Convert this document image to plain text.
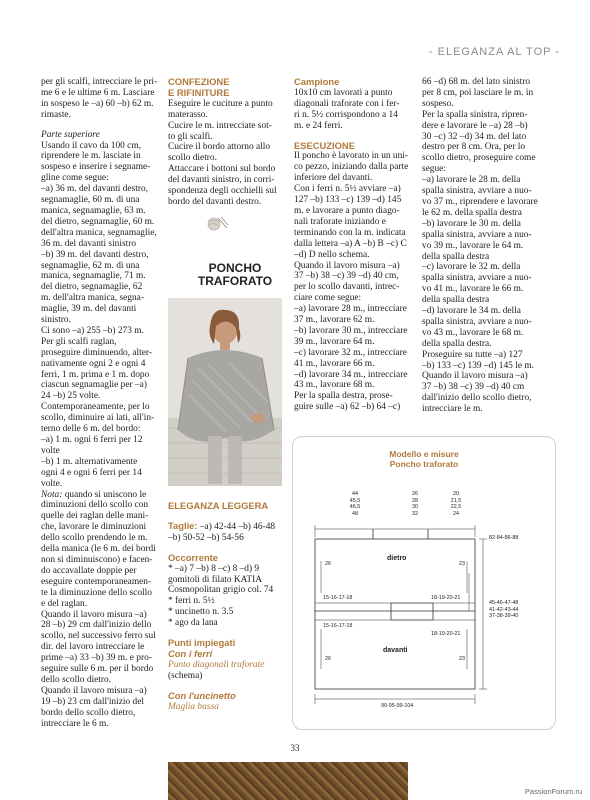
- ELEGANZA AL TOP -
per gli scalfi, intrecciare le pri-
me 6 e le ultime 6 m. Lasciare
in sospeso le –a) 60 –b) 62 m.
rimaste.

Parte superiore

Usando il cavo da 100 cm,
riprendere le m. lasciate in
sospeso e inserire i segname-
gline come segue:
–a) 36 m. del davanti destro,
segnamaglie, 60 m. di una
manica, segnamaglie, 63 m.
del dietro, segnamaglie, 60 m.
dell'altra manica, segnamaglie,
36 m. del davanti sinistro
–b) 39 m. del davanti destro,
segnamaglie, 62 m. di una
manica, segnamaglie, 71 m.
del dietro, segnamaglie, 62
m. dell'altra manica, segna-
maglie, 39 m. del davanti
sinistro.
Ci sono –a) 255 –b) 273 m.
Per gli scalfi raglan,
proseguire diminuendo, alter-
nativamente ogni 2 e ogni 4
ferri, 1 m. prima e 1 m. dopo
ciascun segnamaglie per –a)
24 –b) 25 volte.
Contemporaneamente, per lo
scollo, diminuire ai lati, all'in-
terno delle 6 m. del bordo:
–a) 1 m. ogni 6 ferri per 12
volte
–b) 1 m. alternativamente
ogni 4 e ogni 6 ferri per 14
volte.
Nota: quando si uniscono le
diminuzioni dello scollo con
quelle dei raglan delle mani-
che, lavorare le diminuzioni
dello scollo prendendo le m.
della manica (le 6 m. dei bordi
non si diminuiscono) e facen-
do accavallate doppie per
eseguire contemporaneamen-
te la diminuzione dello scollo
e del raglan.
Quando il lavoro misura –a)
28 –b) 29 cm dall'inizio dello
scollo, nel successivo ferro sul
dir. del lavoro intrecciare le
prime –a) 33 –b) 39 m. e pro-
seguire sulle 6 m. per il bordo
dello scollo dietro.
Quando il lavoro misura –a)
19 –b) 23 cm dall'inizio del
bordo dello scollo dietro,
intrecciare le 6 m.

CONFEZIONE

E RIFINITURE

Eseguire le cuciture a punto
materasso.
Cucire le m. intrecciate sot-
to gli scalfi.
Cucire il bordo attorno allo
scollo dietro.
Attaccare i bottoni sul bordo
del davanti sinistro, in corri-
spondenza degli occhielli sul
bordo del davanti destro.
PONCHO
TRAFORATO

ELEGANZA LEGGERA

Taglie: –a) 42-44 –b) 46-48

–b) 50-52 –b) 54-56

Occorrente

* –a) 7 –b) 8 –c) 8 –d) 9
gomitoli di filato KATIA
Cosmopolitan grigio col. 74
* ferri n. 5½
* uncinetto n. 3.5
* ago da lana

Punti impiegati

Con i ferri

Punto diagonali traforate

(schema)

Con l'uncinetto

Maglia bassa

Campione

10x10 cm lavorati a punto
diagonali traforate con i fer-
ri n. 5½ corrispondono a 14
m. e 24 ferri.

ESECUZIONE

Il poncho è lavorato in un uni-
co pezzo, iniziando dalla parte
inferiore del davanti.
Con i ferri n. 5½ avviare –a)
127 –b) 133 –c) 139 –d) 145
m. e lavorare a punto diago-
nali traforate iniziando e
terminando con la m. indicata
dalla lettera –a) A –b) B –c) C
–d) D nello schema.
Quando il lavoro misura –a)
37 –b) 38 –c) 39 –d) 40 cm,
per lo scollo davanti, intrec-
ciare come segue:
–a) lavorare 28 m., intrecciare
37 m., lavorare 62 m.
–b) lavorare 30 m., intrecciare
39 m., lavorare 64 m.
–c) lavorare 32 m., intrecciare
41 m., lavorare 66 m.
–d) lavorare 34 m., intrecciare
43 m., lavorare 68 m.
Per la spalla destra, prose-
guire sulle –a) 62 –b) 64 –c)
66 –d) 68 m. del lato sinistro
per 8 cm, poi lasciare le m. in
sospeso.
Per la spalla sinistra, ripren-
dere e lavorare le –a) 28 –b)
30 –c) 32 –d) 34 m. del lato
destro per 8 cm. Ora, per lo
scollo dietro, proseguire come
segue:
–a) lavorare le 28 m. della
spalla sinistra, avviare a nuo-
vo 37 m., riprendere e lavorare
le 62 m. della spalla destra
–b) lavorare le 30 m. della
spalla sinistra, avviare a nuo-
vo 39 m., lavorare le 64 m.
della spalla destra
–c) lavorare le 32 m. della
spalla sinistra, avviare a nuo-
vo 41 m., lavorare le 66 m.
della spalla destra
–d) lavorare le 34 m. della
spalla sinistra, avviare a nuo-
vo 43 m., lavorare le 68 m.
della spalla destra.
Proseguire su tutte –a) 127
–b) 133 –c) 139 –d) 145 le m.
Quando il lavoro misura –a)
37 –b) 38 –c) 39 –d) 40 cm
dall'inizio dello scollo dietro,
intrecciare le m.
Modello e misure
Poncho traforato
44
45,5
46,5
48
26
28
30
32
20
21,5
22,5
24
82-84-86-88
45-46-47-48
41-42-43-44
37-38-39-40
dietro
davanti
26	23
26	23
15-16-17-18
15-16-17-18
18-19-20-21
18-19-20-21
90-95-99-104
33
PassionForum.ru
